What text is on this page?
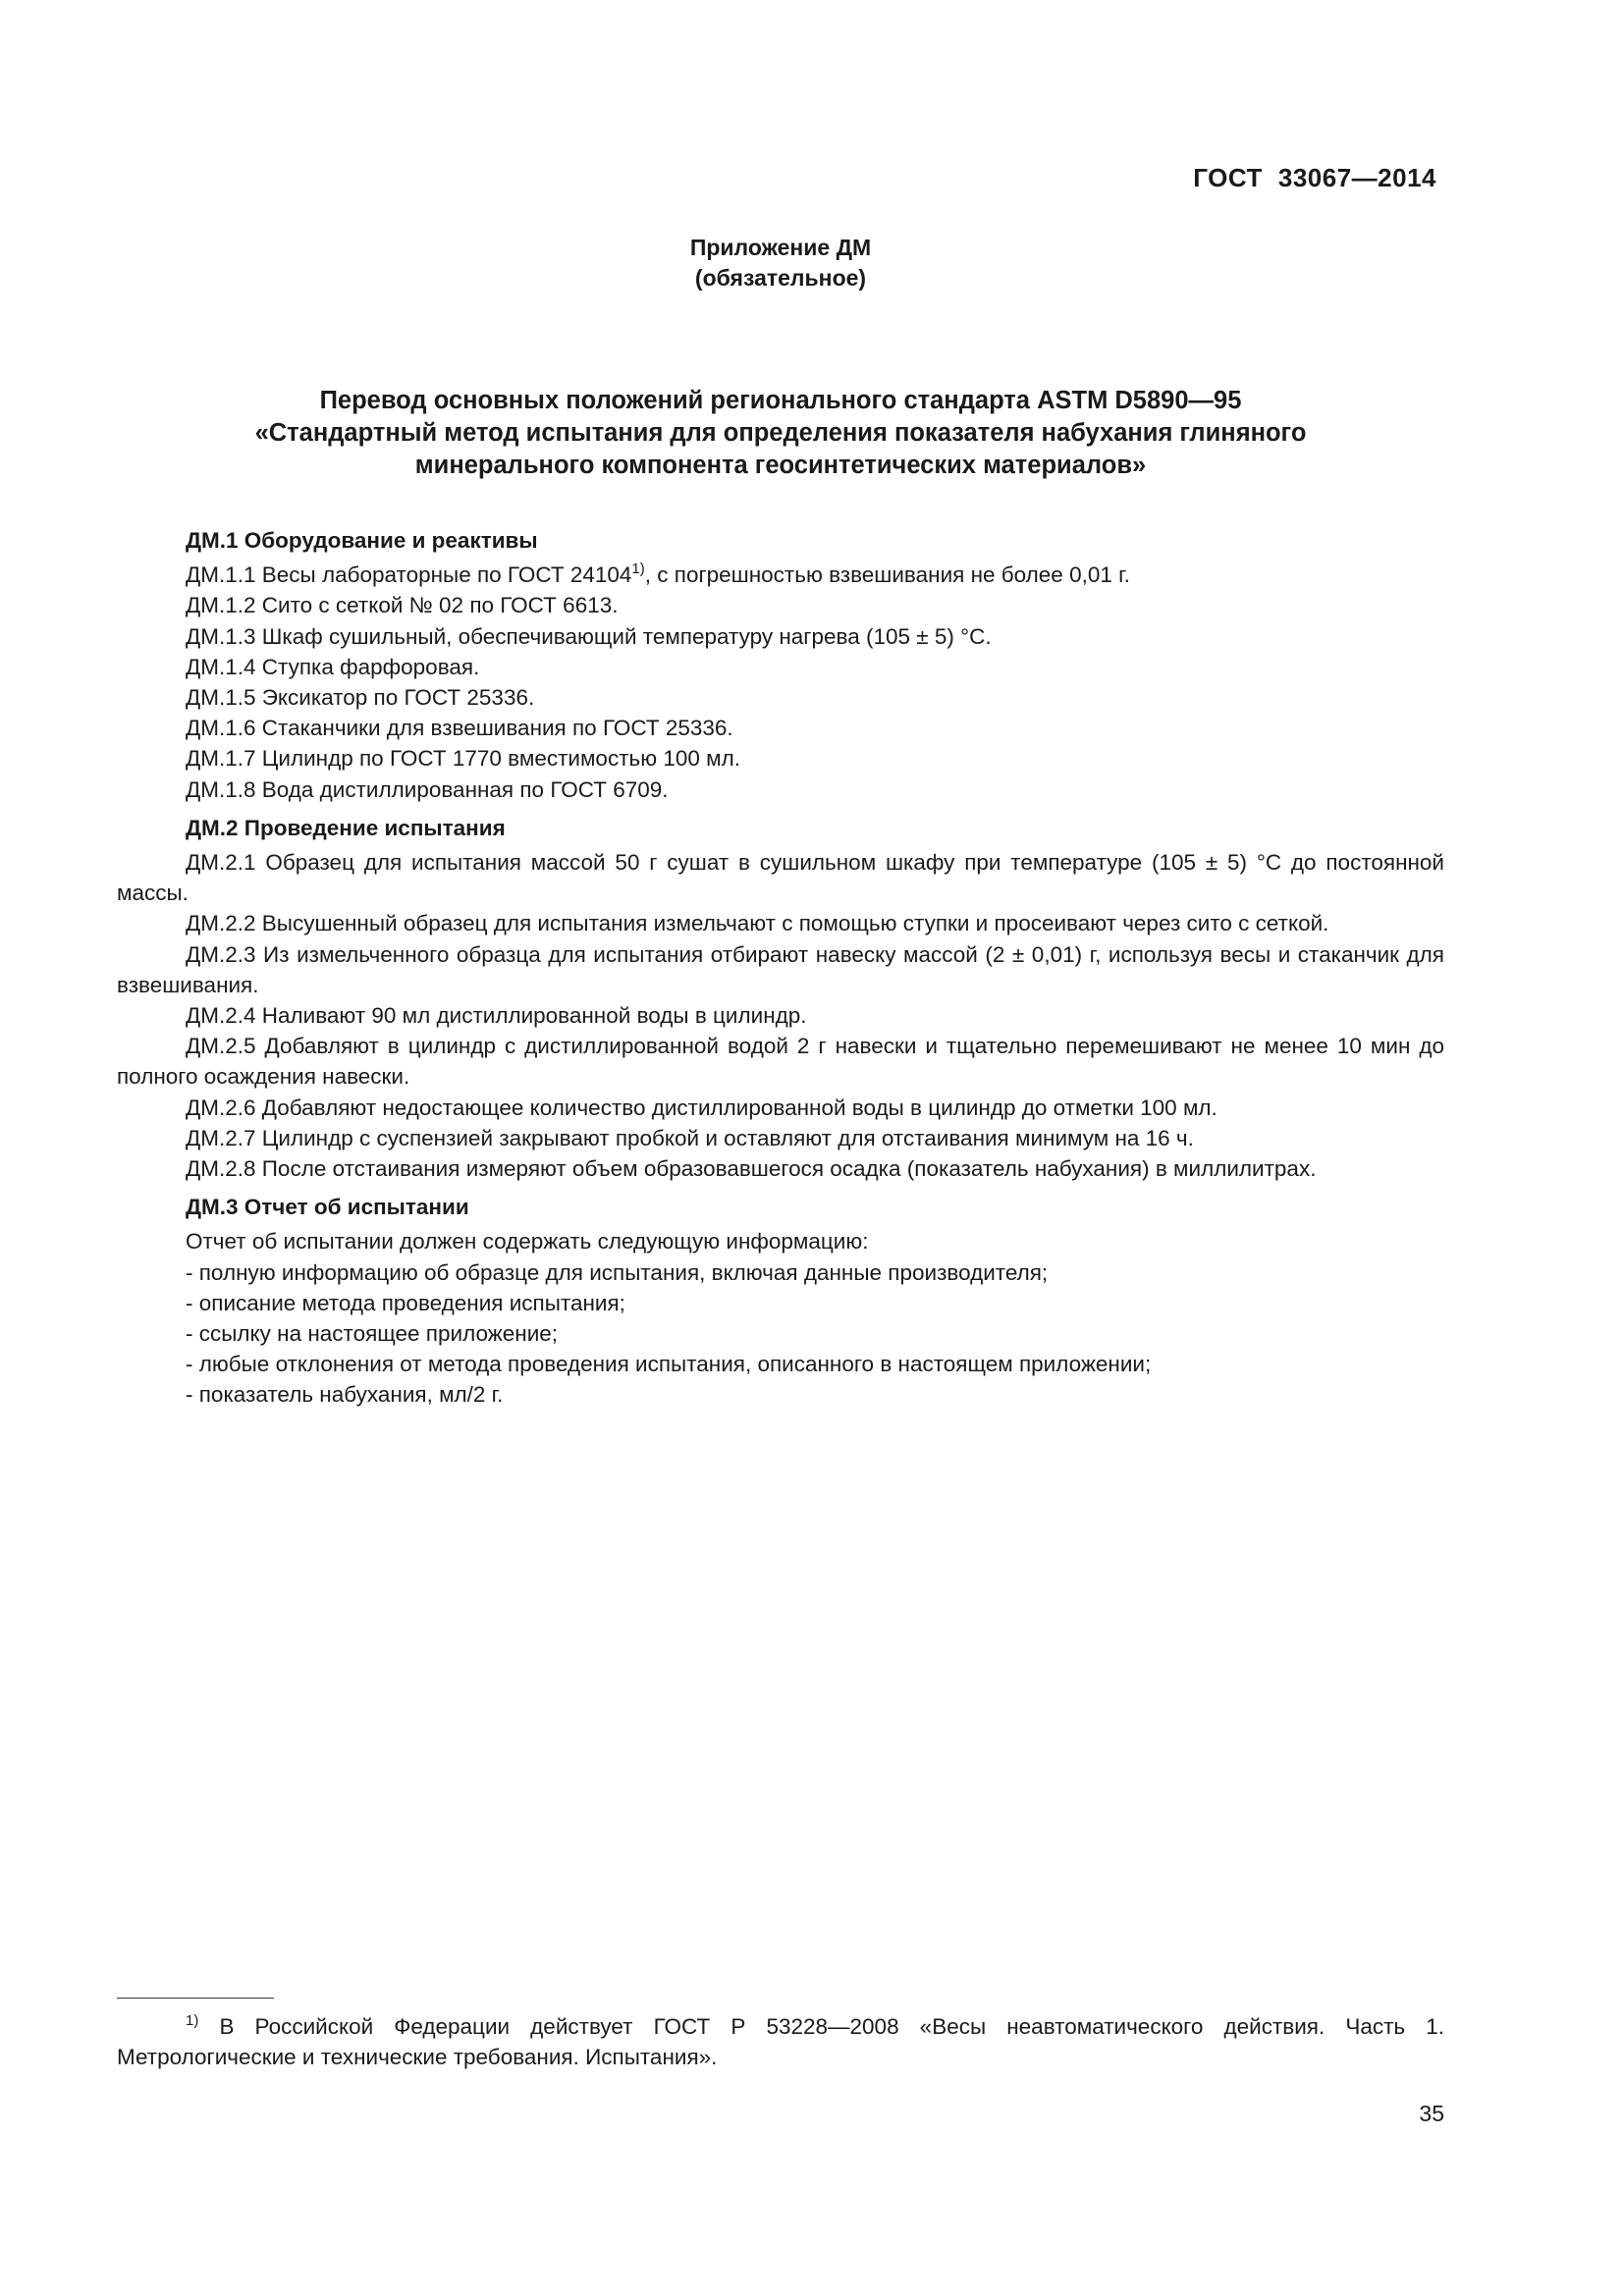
ГОСТ 33067—2014
Приложение ДМ
(обязательное)
Перевод основных положений регионального стандарта ASTM D5890—95
«Стандартный метод испытания для определения показателя набухания глиняного
минерального компонента геосинтетических материалов»
ДМ.1 Оборудование и реактивы
ДМ.1.1 Весы лабораторные по ГОСТ 24104$^{1)}$, с погрешностью взвешивания не более 0,01 г.
ДМ.1.2 Сито с сеткой № 02 по ГОСТ 6613.
ДМ.1.3 Шкаф сушильный, обеспечивающий температуру нагрева (105 ± 5) °С.
ДМ.1.4 Ступка фарфоровая.
ДМ.1.5 Эксикатор по ГОСТ 25336.
ДМ.1.6 Стаканчики для взвешивания по ГОСТ 25336.
ДМ.1.7 Цилиндр по ГОСТ 1770 вместимостью 100 мл.
ДМ.1.8 Вода дистиллированная по ГОСТ 6709.
ДМ.2 Проведение испытания
ДМ.2.1 Образец для испытания массой 50 г сушат в сушильном шкафу при температуре (105 ± 5) °С до постоянной массы.
ДМ.2.2 Высушенный образец для испытания измельчают с помощью ступки и просеивают через сито с сеткой.
ДМ.2.3 Из измельченного образца для испытания отбирают навеску массой (2 ± 0,01) г, используя весы и стаканчик для взвешивания.
ДМ.2.4 Наливают 90 мл дистиллированной воды в цилиндр.
ДМ.2.5 Добавляют в цилиндр с дистиллированной водой 2 г навески и тщательно перемешивают не менее 10 мин до полного осаждения навески.
ДМ.2.6 Добавляют недостающее количество дистиллированной воды в цилиндр до отметки 100 мл.
ДМ.2.7 Цилиндр с суспензией закрывают пробкой и оставляют для отстаивания минимум на 16 ч.
ДМ.2.8 После отстаивания измеряют объем образовавшегося осадка (показатель набухания) в миллилитрах.
ДМ.3 Отчет об испытании
Отчет об испытании должен содержать следующую информацию:
- полную информацию об образце для испытания, включая данные производителя;
- описание метода проведения испытания;
- ссылку на настоящее приложение;
- любые отклонения от метода проведения испытания, описанного в настоящем приложении;
- показатель набухания, мл/2 г.
$^{1)}$ В Российской Федерации действует ГОСТ Р 53228—2008 «Весы неавтоматического действия. Часть 1. Метрологические и технические требования. Испытания».
35
